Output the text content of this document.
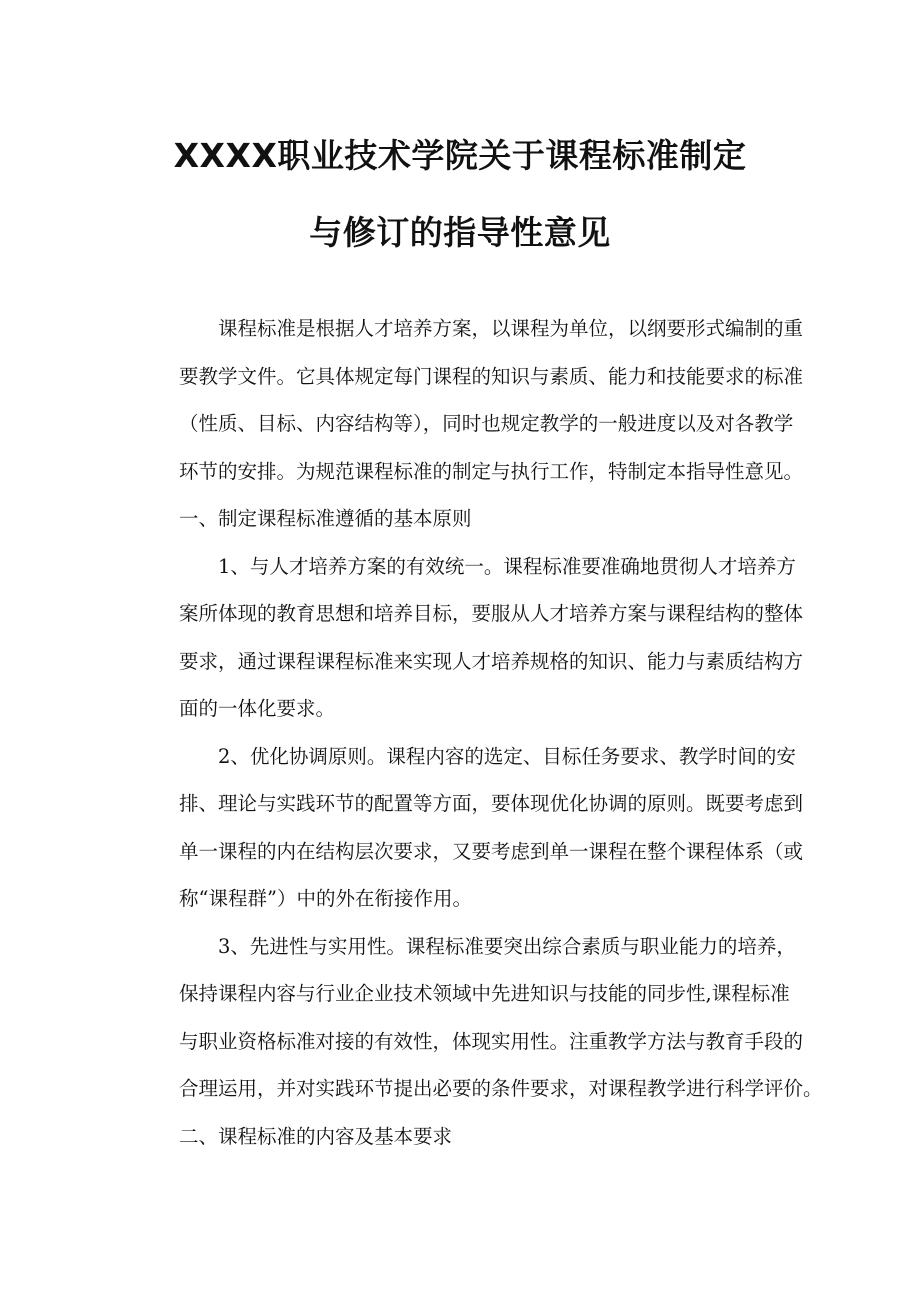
XXXX职业技术学院关于课程标准制定
与修订的指导性意见
课程标准是根据人才培养方案，以课程为单位，以纲要形式编制的重
要教学文件。它具体规定每门课程的知识与素质、能力和技能要求的标准
（性质、目标、内容结构等），同时也规定教学的一般进度以及对各教学
环节的安排。为规范课程标准的制定与执行工作，特制定本指导性意见。
一、制定课程标准遵循的基本原则
1、与人才培养方案的有效统一。课程标准要准确地贯彻人才培养方
案所体现的教育思想和培养目标，要服从人才培养方案与课程结构的整体
要求，通过课程课程标准来实现人才培养规格的知识、能力与素质结构方
面的一体化要求。
2、优化协调原则。课程内容的选定、目标任务要求、教学时间的安
排、理论与实践环节的配置等方面，要体现优化协调的原则。既要考虑到
单一课程的内在结构层次要求，又要考虑到单一课程在整个课程体系（或
称“课程群”）中的外在衔接作用。
3、先进性与实用性。课程标准要突出综合素质与职业能力的培养，
保持课程内容与行业企业技术领域中先进知识与技能的同步性,课程标准
与职业资格标准对接的有效性，体现实用性。注重教学方法与教育手段的
合理运用，并对实践环节提出必要的条件要求，对课程教学进行科学评价。
二、课程标准的内容及基本要求
